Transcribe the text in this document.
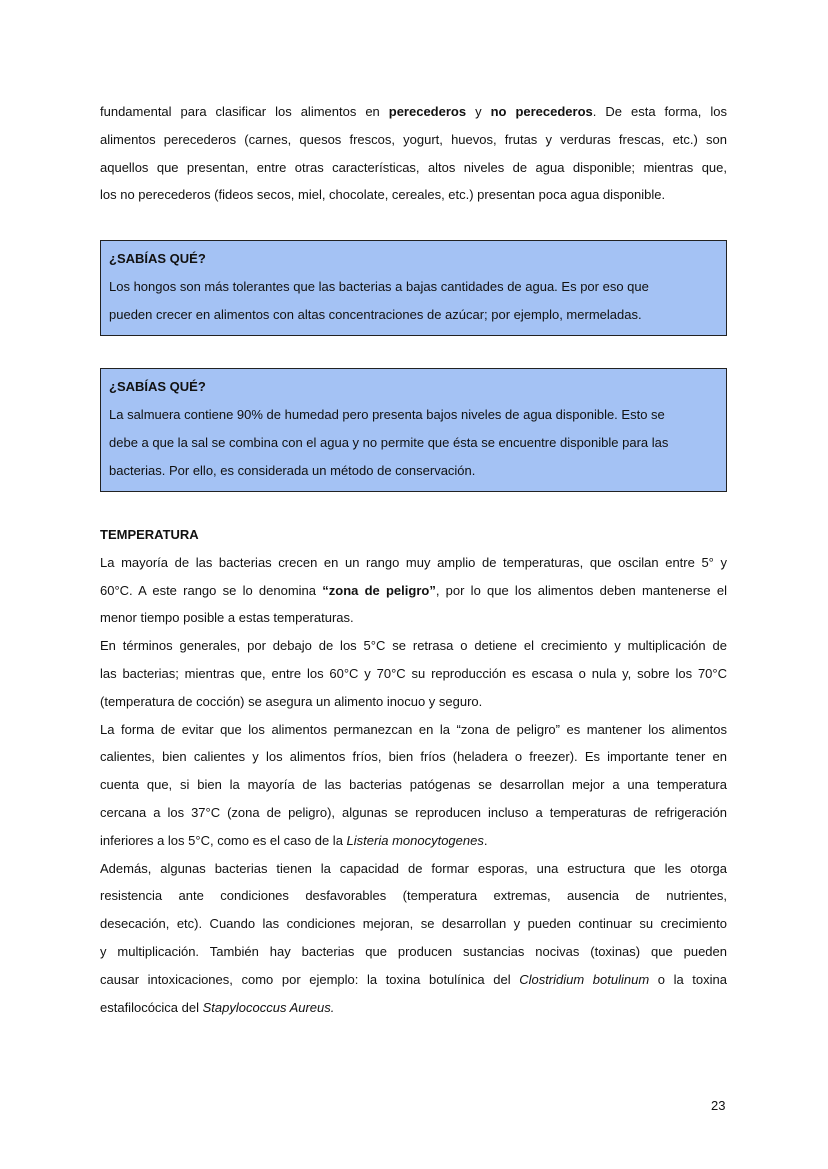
fundamental para clasificar los alimentos en perecederos y no perecederos. De esta forma, los
alimentos perecederos (carnes, quesos frescos, yogurt, huevos, frutas y verduras frescas, etc.) son
aquellos que presentan, entre otras características, altos niveles de agua disponible; mientras que,
los no perecederos (fideos secos, miel, chocolate, cereales, etc.) presentan poca agua disponible.
¿SABÍAS QUÉ?
Los hongos son más tolerantes que las bacterias a bajas cantidades de agua. Es por eso que
pueden crecer en alimentos con altas concentraciones de azúcar; por ejemplo, mermeladas.
¿SABÍAS QUÉ?
La salmuera contiene 90% de humedad pero presenta bajos niveles de agua disponible. Esto se
debe a que la sal se combina con el agua y no permite que ésta se encuentre disponible para las
bacterias. Por ello, es considerada un método de conservación.
TEMPERATURA
La mayoría de las bacterias crecen en un rango muy amplio de temperaturas, que oscilan entre 5° y
60°C. A este rango se lo denomina “zona de peligro”, por lo que los alimentos deben mantenerse el
menor tiempo posible a estas temperaturas.
En términos generales, por debajo de los 5°C se retrasa o detiene el crecimiento y multiplicación de
las bacterias; mientras que, entre los 60°C y 70°C su reproducción es escasa o nula y, sobre los 70°C
(temperatura de cocción) se asegura un alimento inocuo y seguro.
La forma de evitar que los alimentos permanezcan en la “zona de peligro” es mantener los alimentos
calientes, bien calientes y los alimentos fríos, bien fríos (heladera o freezer). Es importante tener en
cuenta que, si bien la mayoría de las bacterias patógenas se desarrollan mejor a una temperatura
cercana a los 37°C (zona de peligro), algunas se reproducen incluso a temperaturas de refrigeración
inferiores a los 5°C, como es el caso de la Listeria monocytogenes.
Además, algunas bacterias tienen la capacidad de formar esporas, una estructura que les otorga
resistencia ante condiciones desfavorables (temperatura extremas, ausencia de nutrientes,
desecación, etc). Cuando las condiciones mejoran, se desarrollan y pueden continuar su crecimiento
y multiplicación. También hay bacterias que producen sustancias nocivas (toxinas) que pueden
causar intoxicaciones, como por ejemplo: la toxina botulínica del Clostridium botulinum o la toxina
estafilocócica del Stapylococcus Aureus.
23
